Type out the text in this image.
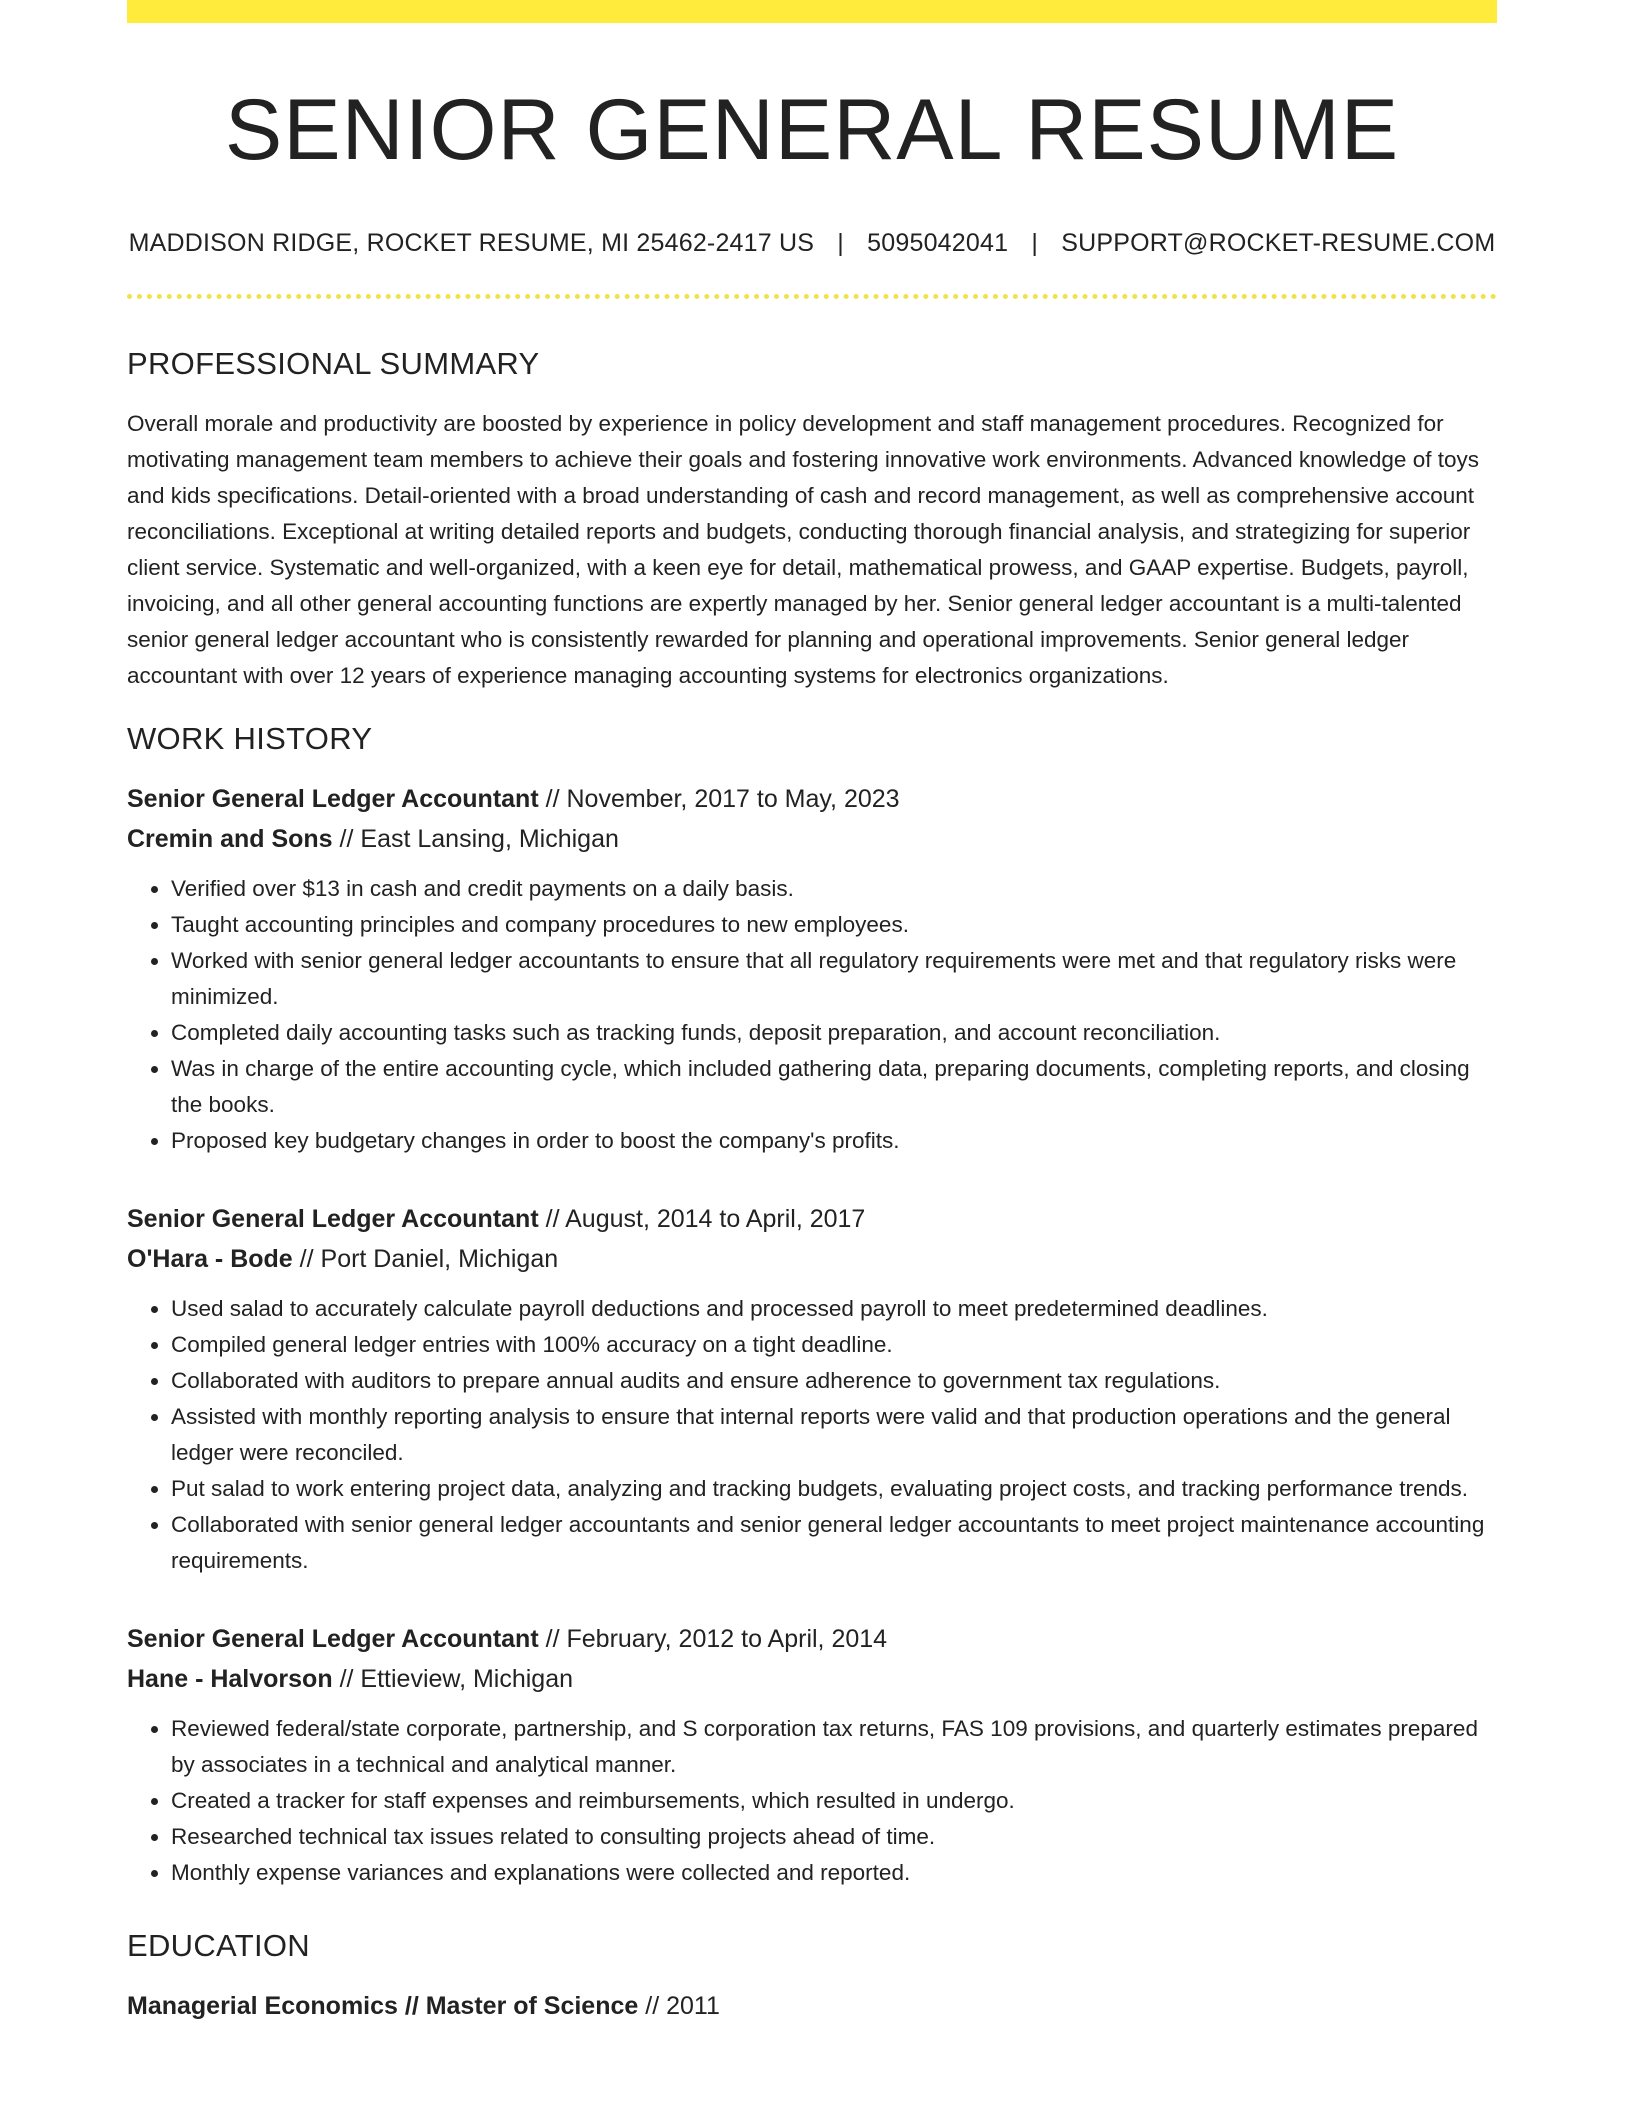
SENIOR GENERAL RESUME
MADDISON RIDGE, ROCKET RESUME, MI 25462-2417 US | 5095042041 | SUPPORT@ROCKET-RESUME.COM
PROFESSIONAL SUMMARY

Overall morale and productivity are boosted by experience in policy development and staff management procedures. Recognized for motivating management team members to achieve their goals and fostering innovative work environments. Advanced knowledge of toys and kids specifications. Detail-oriented with a broad understanding of cash and record management, as well as comprehensive account reconciliations. Exceptional at writing detailed reports and budgets, conducting thorough financial analysis, and strategizing for superior client service. Systematic and well-organized, with a keen eye for detail, mathematical prowess, and GAAP expertise. Budgets, payroll, invoicing, and all other general accounting functions are expertly managed by her. Senior general ledger accountant is a multi-talented senior general ledger accountant who is consistently rewarded for planning and operational improvements. Senior general ledger accountant with over 12 years of experience managing accounting systems for electronics organizations.

WORK HISTORY
Senior General Ledger Accountant // November, 2017 to May, 2023
Cremin and Sons // East Lansing, Michigan
• Verified over $13 in cash and credit payments on a daily basis.
• Taught accounting principles and company procedures to new employees.
• Worked with senior general ledger accountants to ensure that all regulatory requirements were met and that regulatory risks were minimized.
• Completed daily accounting tasks such as tracking funds, deposit preparation, and account reconciliation.
• Was in charge of the entire accounting cycle, which included gathering data, preparing documents, completing reports, and closing the books.
• Proposed key budgetary changes in order to boost the company's profits.
Senior General Ledger Accountant // August, 2014 to April, 2017
O'Hara - Bode // Port Daniel, Michigan
• Used salad to accurately calculate payroll deductions and processed payroll to meet predetermined deadlines.
• Compiled general ledger entries with 100% accuracy on a tight deadline.
• Collaborated with auditors to prepare annual audits and ensure adherence to government tax regulations.
• Assisted with monthly reporting analysis to ensure that internal reports were valid and that production operations and the general ledger were reconciled.
• Put salad to work entering project data, analyzing and tracking budgets, evaluating project costs, and tracking performance trends.
• Collaborated with senior general ledger accountants and senior general ledger accountants to meet project maintenance accounting requirements.
Senior General Ledger Accountant // February, 2012 to April, 2014
Hane - Halvorson // Ettieview, Michigan
• Reviewed federal/state corporate, partnership, and S corporation tax returns, FAS 109 provisions, and quarterly estimates prepared by associates in a technical and analytical manner.
• Created a tracker for staff expenses and reimbursements, which resulted in undergo.
• Researched technical tax issues related to consulting projects ahead of time.
• Monthly expense variances and explanations were collected and reported.
EDUCATION
Managerial Economics // Master of Science // 2011
